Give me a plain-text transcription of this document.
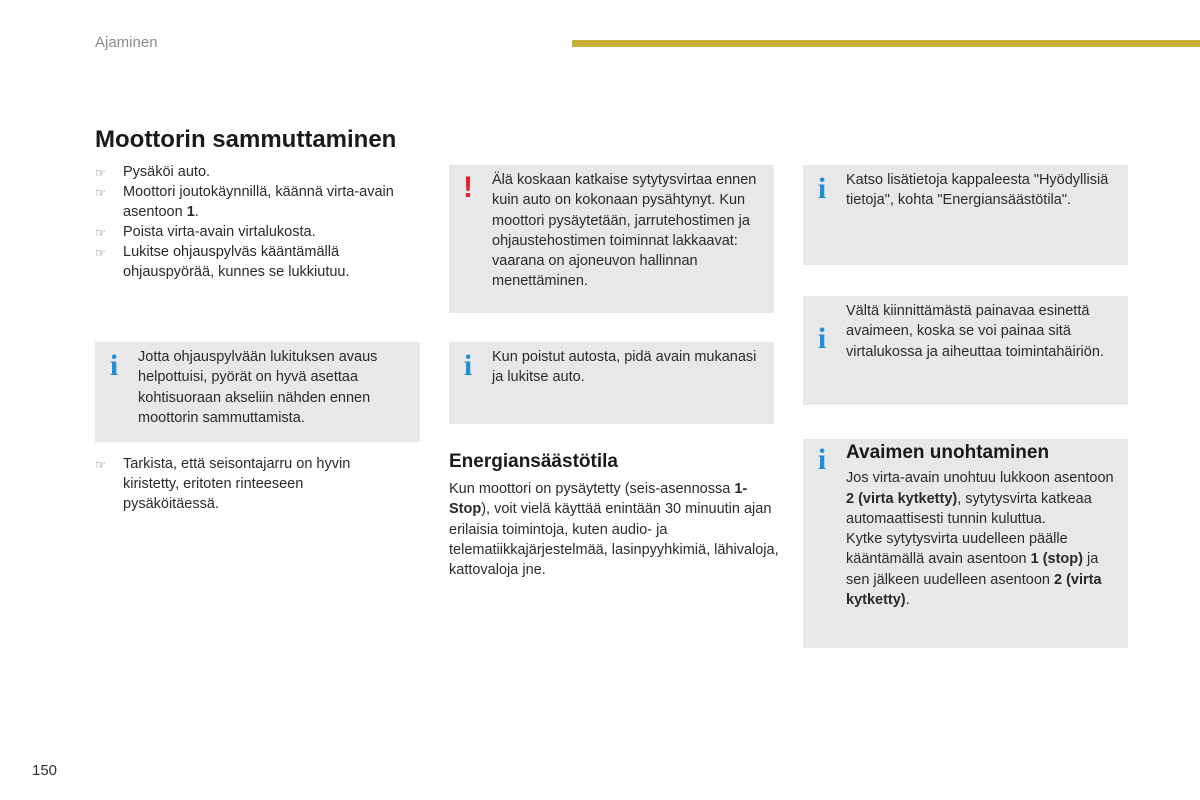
Ajaminen
Moottorin sammuttaminen
☞ Pysäköi auto.
☞ Moottori joutokäynnillä, käännä virta-avain asentoon 1.
☞ Poista virta-avain virtalukosta.
☞ Lukitse ohjauspylväs kääntämällä ohjauspyörää, kunnes se lukkiutuu.
i Jotta ohjauspylvään lukituksen avaus helpottuisi, pyörät on hyvä asettaa kohtisuoraan akseliin nähden ennen moottorin sammuttamista.
☞ Tarkista, että seisontajarru on hyvin kiristetty, eritoten rinteeseen pysäköitäessä.
! Älä koskaan katkaise sytytysvirtaa ennen kuin auto on kokonaan pysähtynyt. Kun moottori pysäytetään, jarrutehostimen ja ohjaustehostimen toiminnat lakkaavat: vaarana on ajoneuvon hallinnan menettäminen.
i Kun poistut autosta, pidä avain mukanasi ja lukitse auto.
Energiansäästötila

Kun moottori on pysäytetty (seis-asennossa 1-Stop), voit vielä käyttää enintään 30 minuutin ajan erilaisia toimintoja, kuten audio- ja telematiikkajärjestelmää, lasinpyyhkimiä, lähivaloja, kattovaloja jne.

i Katso lisätietoja kappaleesta "Hyödyllisiä tietoja", kohta "Energiansäästötila".
i
Vältä kiinnittämästä painavaa esinettä avaimeen, koska se voi painaa sitä virtalukossa ja aiheuttaa toimintahäiriön.
i Avaimen unohtaminen
Jos virta-avain unohtuu lukkoon asentoon 2 (virta kytketty), sytytysvirta katkeaa automaattisesti tunnin kuluttua.
Kytke sytytysvirta uudelleen päälle kääntämällä avain asentoon 1 (stop) ja sen jälkeen uudelleen asentoon 2 (virta kytketty).
150
